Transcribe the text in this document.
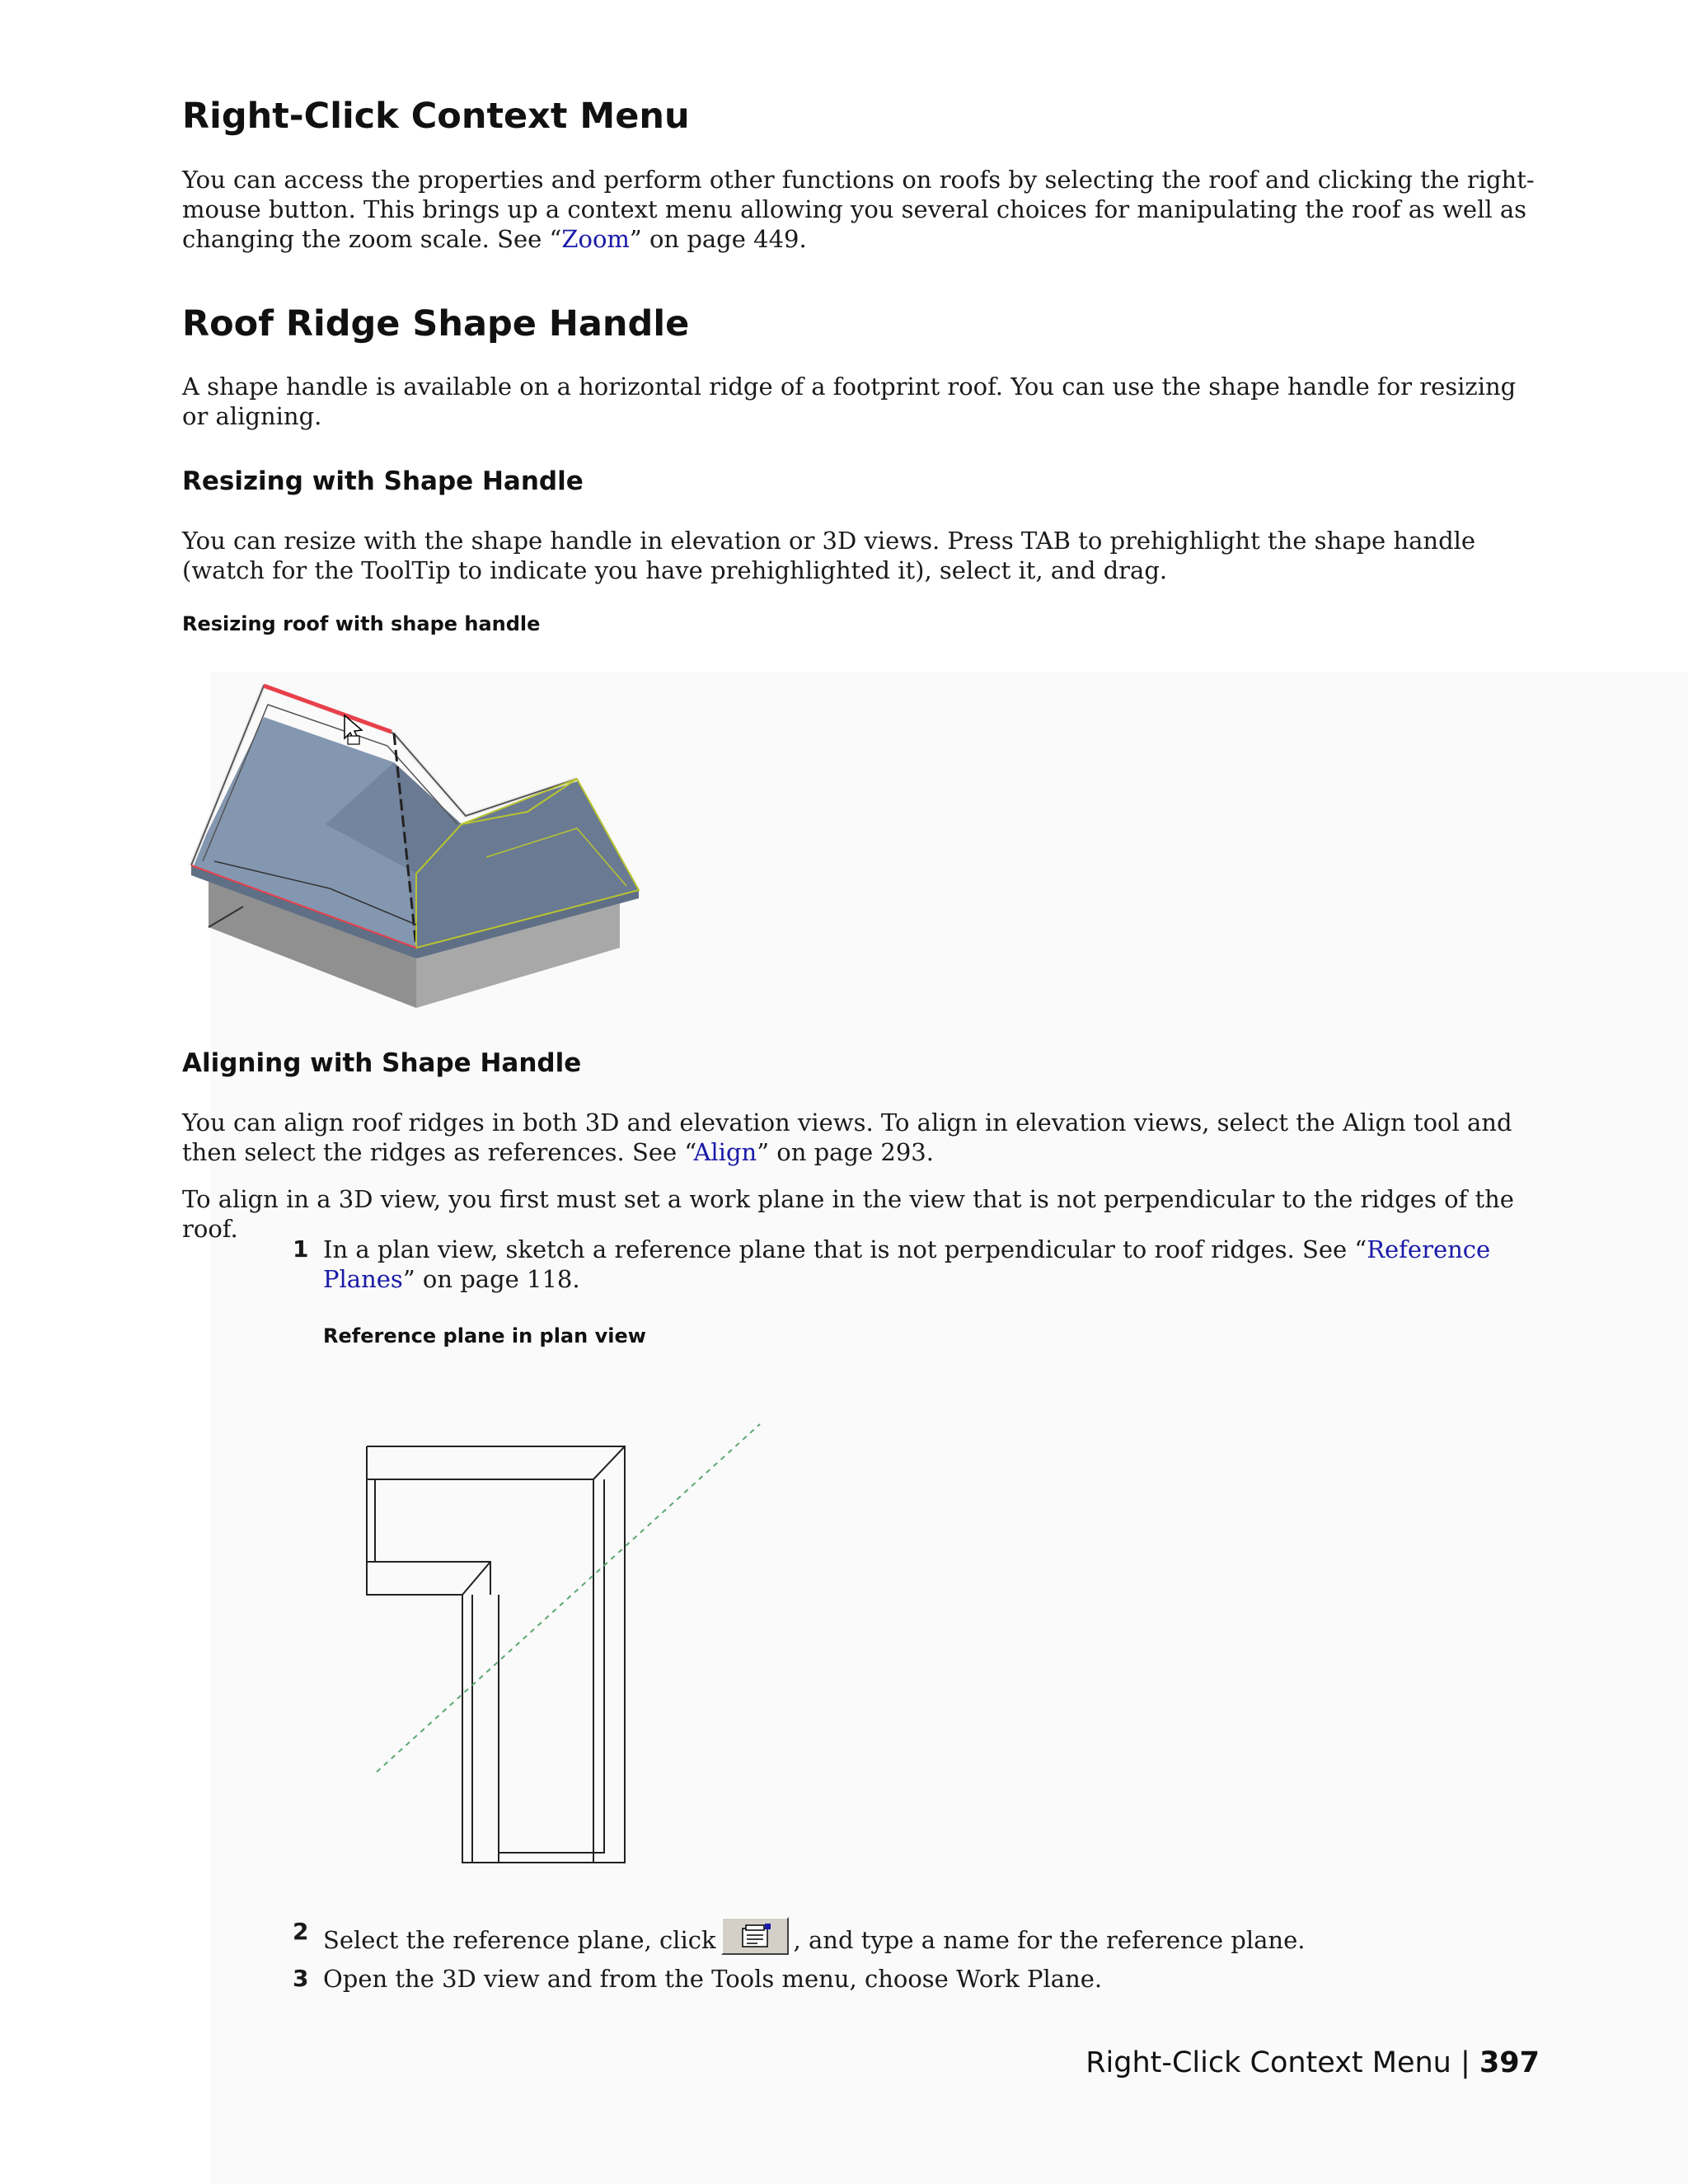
Right-Click Context Menu

You can access the properties and perform other functions on roofs by selecting the roof and clicking the right-mouse button. This brings up a context menu allowing you several choices for manipulating the roof as well as changing the zoom scale. See “Zoom” on page 449.

Roof Ridge Shape Handle

A shape handle is available on a horizontal ridge of a footprint roof. You can use the shape handle for resizing or aligning.

Resizing with Shape Handle

You can resize with the shape handle in elevation or 3D views. Press TAB to prehighlight the shape handle (watch for the ToolTip to indicate you have prehighlighted it), select it, and drag.

Resizing roof with shape handle
Aligning with Shape Handle

You can align roof ridges in both 3D and elevation views. To align in elevation views, select the Align tool and then select the ridges as references. See “Align” on page 293.

To align in a 3D view, you first must set a work plane in the view that is not perpendicular to the ridges of the roof.

1 In a plan view, sketch a reference plane that is not perpendicular to roof ridges. See “Reference Planes” on page 118.
Reference plane in plan view
2 Select the reference plane, click	, and type a name for the reference plane.
3 Open the 3D view and from the Tools menu, choose Work Plane.
Right-Click Context Menu | 397
